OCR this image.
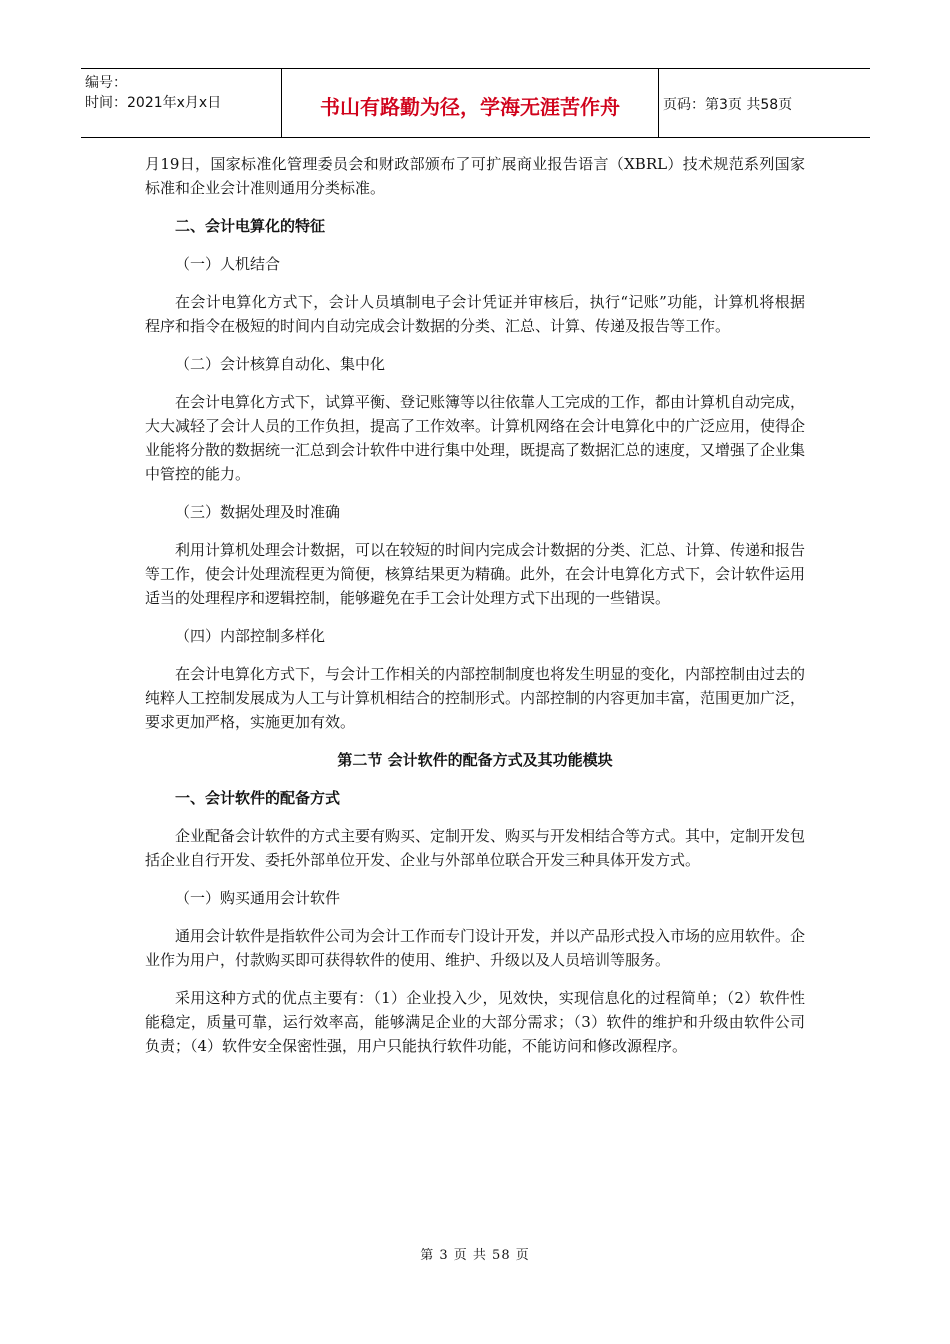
编号：
时间：2021年x月x日	书山有路勤为径，学海无涯苦作舟	页码：第3页 共58页

月19日，国家标准化管理委员会和财政部颁布了可扩展商业报告语言（XBRL）技术规范系列国家标准和企业会计准则通用分类标准。

二、会计电算化的特征

（一）人机结合

在会计电算化方式下，会计人员填制电子会计凭证并审核后，执行“记账”功能，计算机将根据程序和指令在极短的时间内自动完成会计数据的分类、汇总、计算、传递及报告等工作。

（二）会计核算自动化、集中化

在会计电算化方式下，试算平衡、登记账簿等以往依靠人工完成的工作，都由计算机自动完成，大大减轻了会计人员的工作负担，提高了工作效率。计算机网络在会计电算化中的广泛应用，使得企业能将分散的数据统一汇总到会计软件中进行集中处理，既提高了数据汇总的速度，又增强了企业集中管控的能力。

（三）数据处理及时准确

利用计算机处理会计数据，可以在较短的时间内完成会计数据的分类、汇总、计算、传递和报告等工作，使会计处理流程更为简便，核算结果更为精确。此外，在会计电算化方式下，会计软件运用适当的处理程序和逻辑控制，能够避免在手工会计处理方式下出现的一些错误。

（四）内部控制多样化

在会计电算化方式下，与会计工作相关的内部控制制度也将发生明显的变化，内部控制由过去的纯粹人工控制发展成为人工与计算机相结合的控制形式。内部控制的内容更加丰富，范围更加广泛，要求更加严格，实施更加有效。

第二节 会计软件的配备方式及其功能模块
一、会计软件的配备方式

企业配备会计软件的方式主要有购买、定制开发、购买与开发相结合等方式。其中，定制开发包括企业自行开发、委托外部单位开发、企业与外部单位联合开发三种具体开发方式。

（一）购买通用会计软件

通用会计软件是指软件公司为会计工作而专门设计开发，并以产品形式投入市场的应用软件。企业作为用户，付款购买即可获得软件的使用、维护、升级以及人员培训等服务。

采用这种方式的优点主要有：（1）企业投入少，见效快，实现信息化的过程简单；（2）软件性能稳定，质量可靠，运行效率高，能够满足企业的大部分需求；（3）软件的维护和升级由软件公司负责；（4）软件安全保密性强，用户只能执行软件功能，不能访问和修改源程序。

第 3 页 共 58 页
